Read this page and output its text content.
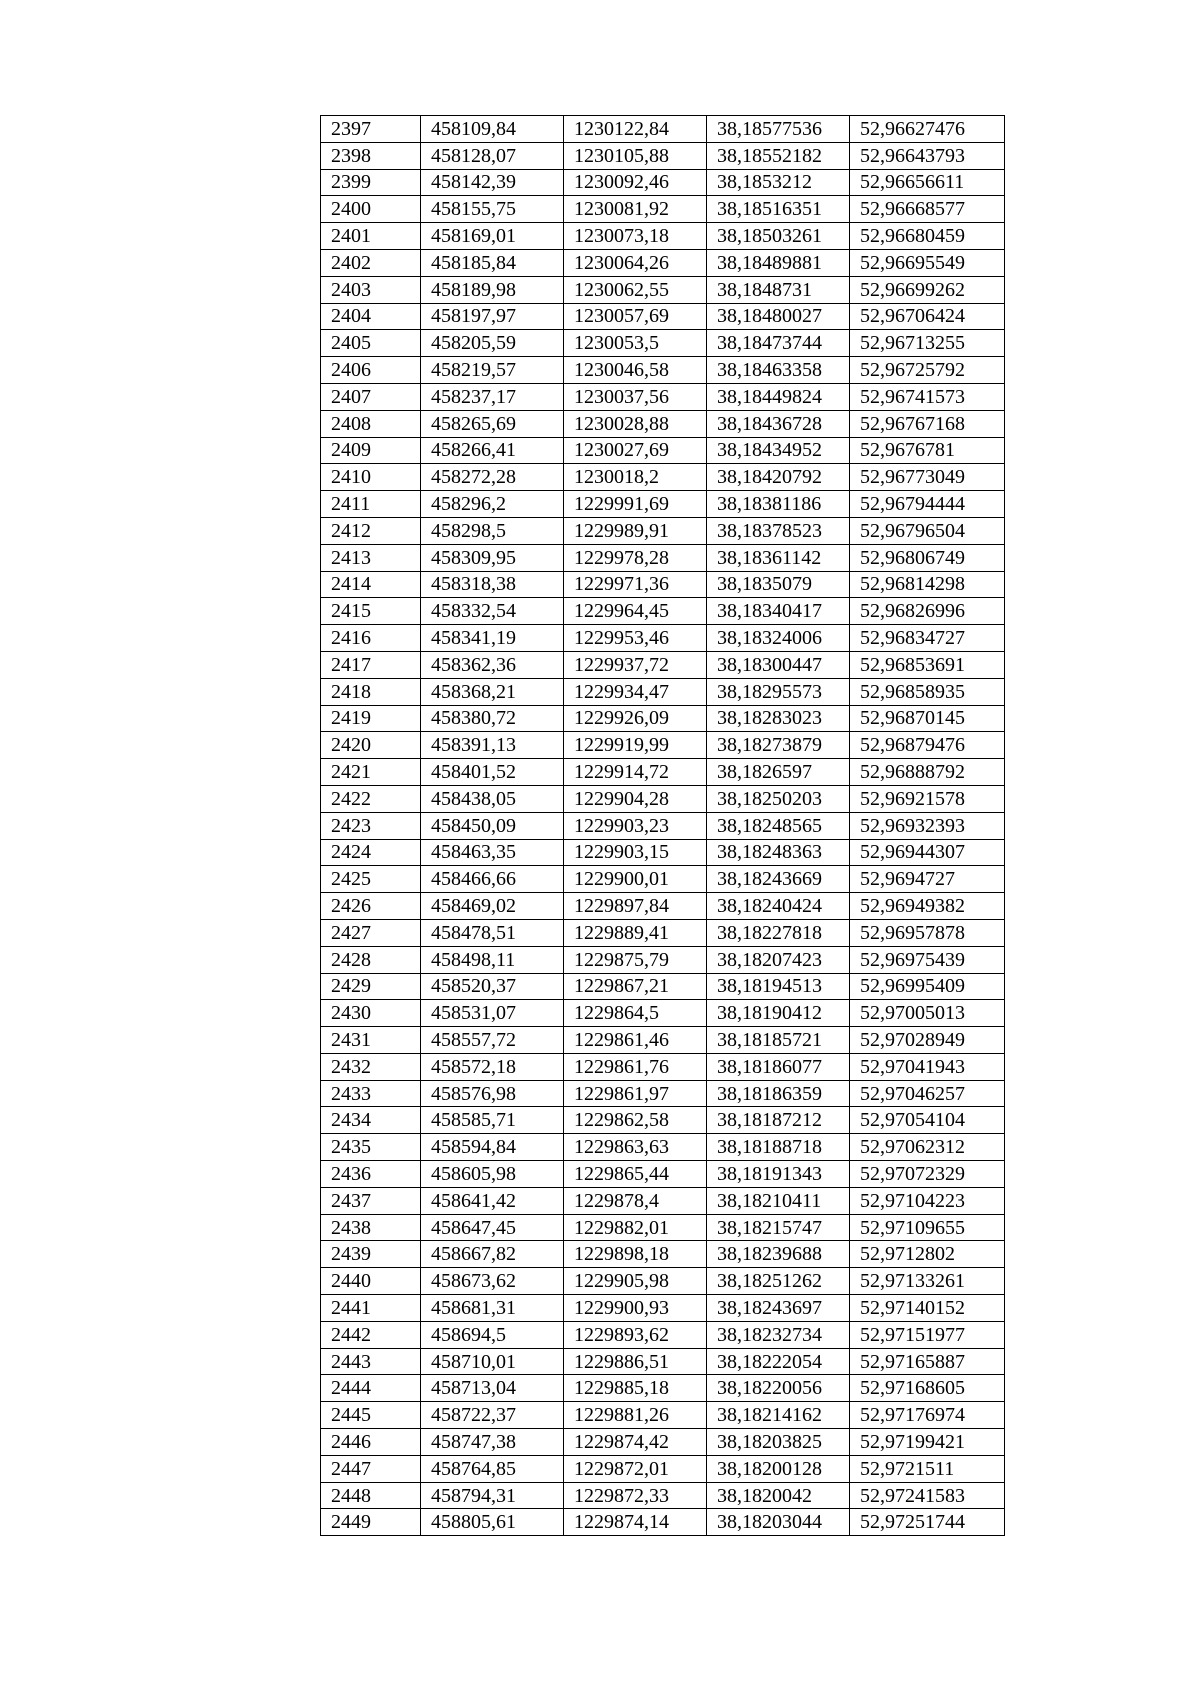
2397	458109,84	1230122,84	38,18577536	52,96627476
2398	458128,07	1230105,88	38,18552182	52,96643793
2399	458142,39	1230092,46	38,1853212	52,96656611
2400	458155,75	1230081,92	38,18516351	52,96668577
2401	458169,01	1230073,18	38,18503261	52,96680459
2402	458185,84	1230064,26	38,18489881	52,96695549
2403	458189,98	1230062,55	38,1848731	52,96699262
2404	458197,97	1230057,69	38,18480027	52,96706424
2405	458205,59	1230053,5	38,18473744	52,96713255
2406	458219,57	1230046,58	38,18463358	52,96725792
2407	458237,17	1230037,56	38,18449824	52,96741573
2408	458265,69	1230028,88	38,18436728	52,96767168
2409	458266,41	1230027,69	38,18434952	52,9676781
2410	458272,28	1230018,2	38,18420792	52,96773049
2411	458296,2	1229991,69	38,18381186	52,96794444
2412	458298,5	1229989,91	38,18378523	52,96796504
2413	458309,95	1229978,28	38,18361142	52,96806749
2414	458318,38	1229971,36	38,1835079	52,96814298
2415	458332,54	1229964,45	38,18340417	52,96826996
2416	458341,19	1229953,46	38,18324006	52,96834727
2417	458362,36	1229937,72	38,18300447	52,96853691
2418	458368,21	1229934,47	38,18295573	52,96858935
2419	458380,72	1229926,09	38,18283023	52,96870145
2420	458391,13	1229919,99	38,18273879	52,96879476
2421	458401,52	1229914,72	38,1826597	52,96888792
2422	458438,05	1229904,28	38,18250203	52,96921578
2423	458450,09	1229903,23	38,18248565	52,96932393
2424	458463,35	1229903,15	38,18248363	52,96944307
2425	458466,66	1229900,01	38,18243669	52,9694727
2426	458469,02	1229897,84	38,18240424	52,96949382
2427	458478,51	1229889,41	38,18227818	52,96957878
2428	458498,11	1229875,79	38,18207423	52,96975439
2429	458520,37	1229867,21	38,18194513	52,96995409
2430	458531,07	1229864,5	38,18190412	52,97005013
2431	458557,72	1229861,46	38,18185721	52,97028949
2432	458572,18	1229861,76	38,18186077	52,97041943
2433	458576,98	1229861,97	38,18186359	52,97046257
2434	458585,71	1229862,58	38,18187212	52,97054104
2435	458594,84	1229863,63	38,18188718	52,97062312
2436	458605,98	1229865,44	38,18191343	52,97072329
2437	458641,42	1229878,4	38,18210411	52,97104223
2438	458647,45	1229882,01	38,18215747	52,97109655
2439	458667,82	1229898,18	38,18239688	52,9712802
2440	458673,62	1229905,98	38,18251262	52,97133261
2441	458681,31	1229900,93	38,18243697	52,97140152
2442	458694,5	1229893,62	38,18232734	52,97151977
2443	458710,01	1229886,51	38,18222054	52,97165887
2444	458713,04	1229885,18	38,18220056	52,97168605
2445	458722,37	1229881,26	38,18214162	52,97176974
2446	458747,38	1229874,42	38,18203825	52,97199421
2447	458764,85	1229872,01	38,18200128	52,9721511
2448	458794,31	1229872,33	38,1820042	52,97241583
2449	458805,61	1229874,14	38,18203044	52,97251744
